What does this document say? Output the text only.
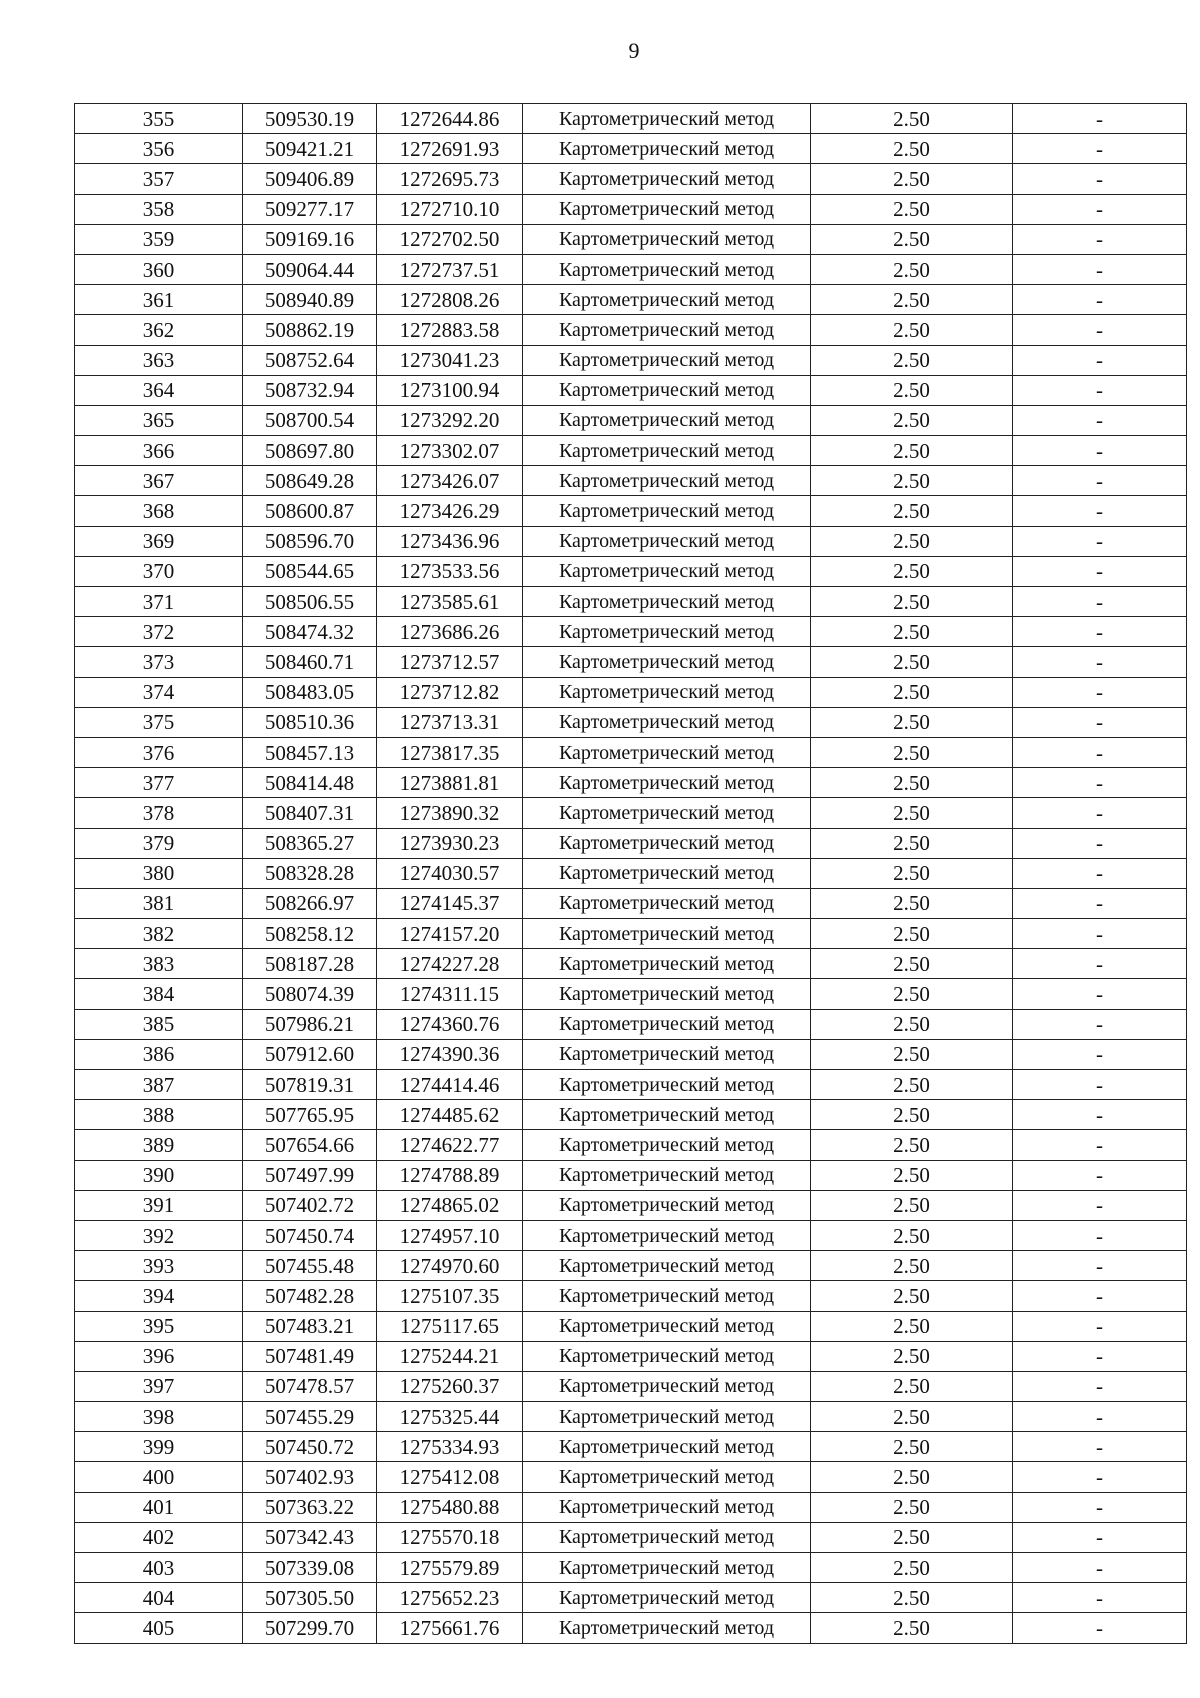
9
355	509530.19	1272644.86	Картометрический метод	2.50	-
356	509421.21	1272691.93	Картометрический метод	2.50	-
357	509406.89	1272695.73	Картометрический метод	2.50	-
358	509277.17	1272710.10	Картометрический метод	2.50	-
359	509169.16	1272702.50	Картометрический метод	2.50	-
360	509064.44	1272737.51	Картометрический метод	2.50	-
361	508940.89	1272808.26	Картометрический метод	2.50	-
362	508862.19	1272883.58	Картометрический метод	2.50	-
363	508752.64	1273041.23	Картометрический метод	2.50	-
364	508732.94	1273100.94	Картометрический метод	2.50	-
365	508700.54	1273292.20	Картометрический метод	2.50	-
366	508697.80	1273302.07	Картометрический метод	2.50	-
367	508649.28	1273426.07	Картометрический метод	2.50	-
368	508600.87	1273426.29	Картометрический метод	2.50	-
369	508596.70	1273436.96	Картометрический метод	2.50	-
370	508544.65	1273533.56	Картометрический метод	2.50	-
371	508506.55	1273585.61	Картометрический метод	2.50	-
372	508474.32	1273686.26	Картометрический метод	2.50	-
373	508460.71	1273712.57	Картометрический метод	2.50	-
374	508483.05	1273712.82	Картометрический метод	2.50	-
375	508510.36	1273713.31	Картометрический метод	2.50	-
376	508457.13	1273817.35	Картометрический метод	2.50	-
377	508414.48	1273881.81	Картометрический метод	2.50	-
378	508407.31	1273890.32	Картометрический метод	2.50	-
379	508365.27	1273930.23	Картометрический метод	2.50	-
380	508328.28	1274030.57	Картометрический метод	2.50	-
381	508266.97	1274145.37	Картометрический метод	2.50	-
382	508258.12	1274157.20	Картометрический метод	2.50	-
383	508187.28	1274227.28	Картометрический метод	2.50	-
384	508074.39	1274311.15	Картометрический метод	2.50	-
385	507986.21	1274360.76	Картометрический метод	2.50	-
386	507912.60	1274390.36	Картометрический метод	2.50	-
387	507819.31	1274414.46	Картометрический метод	2.50	-
388	507765.95	1274485.62	Картометрический метод	2.50	-
389	507654.66	1274622.77	Картометрический метод	2.50	-
390	507497.99	1274788.89	Картометрический метод	2.50	-
391	507402.72	1274865.02	Картометрический метод	2.50	-
392	507450.74	1274957.10	Картометрический метод	2.50	-
393	507455.48	1274970.60	Картометрический метод	2.50	-
394	507482.28	1275107.35	Картометрический метод	2.50	-
395	507483.21	1275117.65	Картометрический метод	2.50	-
396	507481.49	1275244.21	Картометрический метод	2.50	-
397	507478.57	1275260.37	Картометрический метод	2.50	-
398	507455.29	1275325.44	Картометрический метод	2.50	-
399	507450.72	1275334.93	Картометрический метод	2.50	-
400	507402.93	1275412.08	Картометрический метод	2.50	-
401	507363.22	1275480.88	Картометрический метод	2.50	-
402	507342.43	1275570.18	Картометрический метод	2.50	-
403	507339.08	1275579.89	Картометрический метод	2.50	-
404	507305.50	1275652.23	Картометрический метод	2.50	-
405	507299.70	1275661.76	Картометрический метод	2.50	-
